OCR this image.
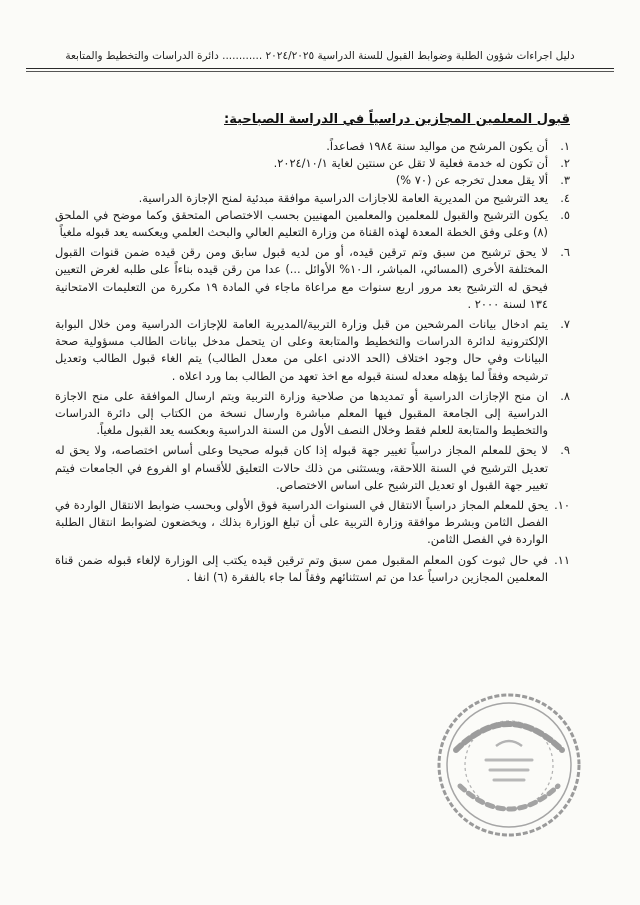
دليل اجراءات شؤون الطلبة وضوابط القبول للسنة الدراسية ٢٠٢٤/٢٠٢٥ ............ دائرة الدراسات والتخطيط والمتابعة
قبول المعلمين المجازين دراسياً في الدراسة الصباحية:
١.
أن يكون المرشح من مواليد سنة ١٩٨٤ فصاعداً.
٢.
أن تكون له خدمة فعلية لا تقل عن سنتين لغاية ٢٠٢٤/١٠/١.
٣.
ألا يقل معدل تخرجه عن (٧٠ %)
٤.
يعد الترشيح من المديرية العامة للاجازات الدراسية موافقة مبدئية لمنح الإجازة الدراسية.
٥.
يكون الترشيح والقبول للمعلمين والمعلمين المهنيين بحسب الاختصاص المتحقق وكما موضح في الملحق (٨) وعلى وفق الخطة المعدة لهذه القناة من وزارة التعليم العالي والبحث العلمي ويعكسه يعد قبوله ملغياً
٦.
لا يحق ترشيح من سبق وتم ترقين قيده، أو من لديه قبول سابق ومن رقن قيده ضمن قنوات القبول المختلفة الأخرى (المسائي، المباشر، الـ١٠% الأوائل ...) عدا من رقن قيده بناءاً على طلبه لغرض التعيين فيحق له الترشيح بعد مرور اربع سنوات مع مراعاة ماجاء في المادة ١٩ مكررة من التعليمات الامتحانية ١٣٤ لسنة ٢٠٠٠ .
٧.
يتم ادخال بيانات المرشحين من قبل وزارة التربية/المديرية العامة للإجازات الدراسية ومن خلال البوابة الإلكترونية لدائرة الدراسات والتخطيط والمتابعة وعلى ان يتحمل مدخل بيانات الطالب مسؤولية صحة البيانات وفي حال وجود اختلاف (الحد الادنى اعلى من معدل الطالب) يتم الغاء قبول الطالب وتعديل ترشيحه وفقاً لما يؤهله معدله لسنة قبوله مع اخذ تعهد من الطالب بما ورد اعلاه .
٨.
ان منح الإجازات الدراسية أو تمديدها من صلاحية وزارة التربية ويتم ارسال الموافقة على منح الاجازة الدراسية إلى الجامعة المقبول فيها المعلم مباشرة وارسال نسخة من الكتاب إلى دائرة الدراسات والتخطيط والمتابعة للعلم فقط وخلال النصف الأول من السنة الدراسية وبعكسه يعد القبول ملغياً.
٩.
لا يحق للمعلم المجاز دراسياً تغيير جهة قبوله إذا كان قبوله صحيحا وعلى أساس اختصاصه، ولا يحق له تعديل الترشيح في السنة اللاحقة، ويستثنى من ذلك حالات التعليق للأقسام او الفروع في الجامعات فيتم تغيير جهة القبول او تعديل الترشيح على اساس الاختصاص.
١٠.
يحق للمعلم المجاز دراسياً الانتقال في السنوات الدراسية فوق الأولى وبحسب ضوابط الانتقال الواردة في الفصل الثامن وبشرط موافقة وزارة التربية على أن تبلغ الوزارة بذلك ، ويخضعون لضوابط انتقال الطلبة الواردة في الفصل الثامن.
١١.
في حال ثبوت كون المعلم المقبول ممن سبق وتم ترقين قيده يكتب إلى الوزارة لإلغاء قبوله ضمن قناة المعلمين المجازين دراسياً عدا من تم استثنائهم وفقاً لما جاء بالفقرة (٦) انفا .
